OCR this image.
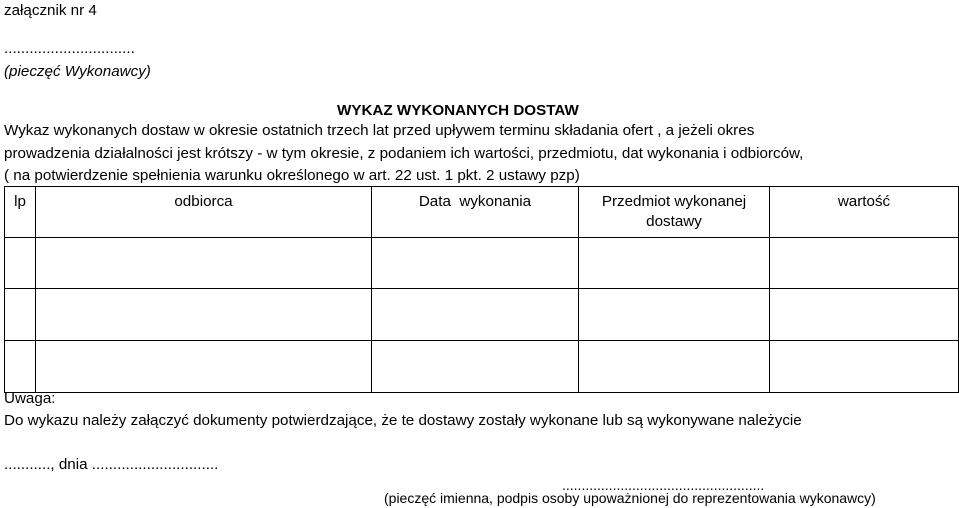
załącznik nr 4
...............................
(pieczęć Wykonawcy)
WYKAZ WYKONANYCH DOSTAW
Wykaz wykonanych dostaw w okresie ostatnich trzech lat przed upływem terminu składania ofert , a jeżeli okres
prowadzenia działalności jest krótszy - w tym okresie, z podaniem ich wartości, przedmiotu, dat wykonania i odbiorców,
( na potwierdzenie spełnienia warunku określonego w art. 22 ust. 1 pkt. 2 ustawy pzp)
lp	odbiorca	Data  wykonania	Przedmiot wykonanej dostawy	wartość

Uwaga:
Do wykazu należy załączyć dokumenty potwierdzające, że te dostawy zostały wykonane lub są wykonywane należycie
..........., dnia ..............................
....................................................
(pieczęć imienna, podpis osoby upoważnionej do reprezentowania wykonawcy)
